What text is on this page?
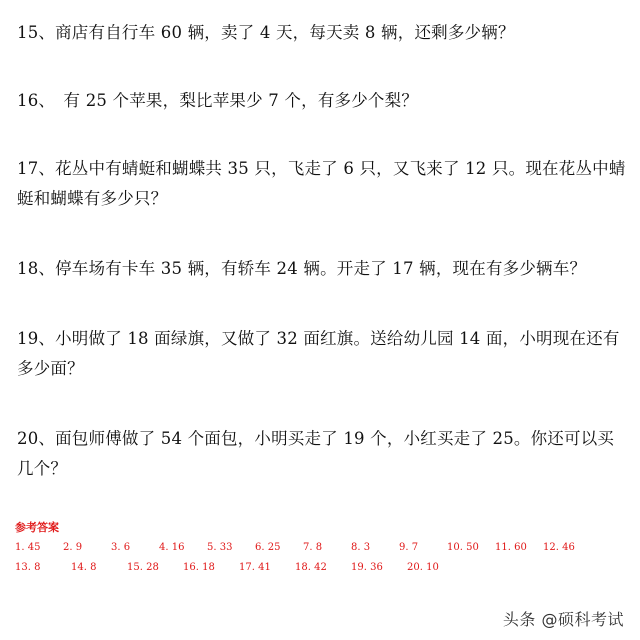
15、商店有自行车 60 辆，卖了 4 天，每天卖 8 辆，还剩多少辆？
16、　有 25 个苹果，梨比苹果少 7 个，有多少个梨？
17、花丛中有蜻蜓和蝴蝶共 35 只，飞走了 6 只，又飞来了 12 只。现在花丛中蜻蜓和蝴蝶有多少只？
18、停车场有卡车 35 辆，有轿车 24 辆。开走了 17 辆，现在有多少辆车？
19、小明做了 18 面绿旗，又做了 32 面红旗。送给幼儿园 14 面，小明现在还有多少面？
20、面包师傅做了 54 个面包，小明买走了 19 个，小红买走了 25。你还可以买几个？
参考答案
1. 45	2. 9	3. 6	4. 16	5. 33	6. 25	7. 8	8. 3	9. 7	10. 50	11. 60	12. 46
13. 8	14. 8	15. 28	16. 18	17. 41	18. 42	19. 36	20. 10
头条 @硕科考试
